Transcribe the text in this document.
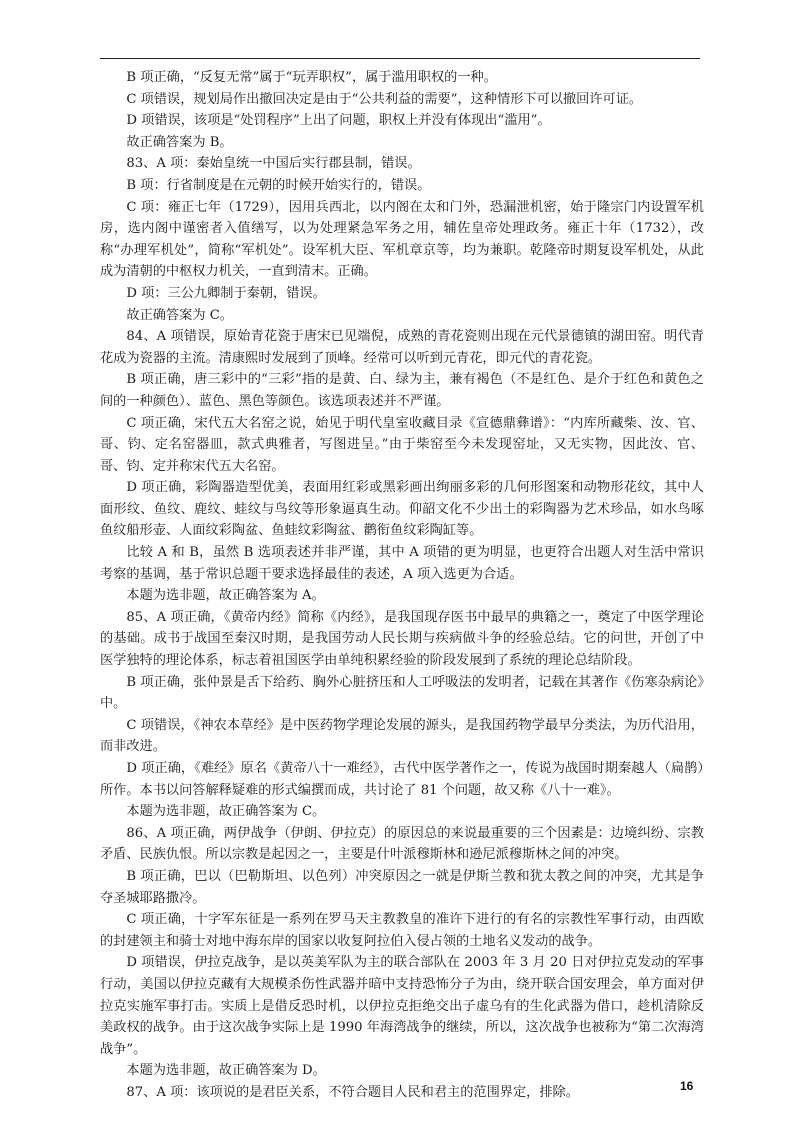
B 项正确，“反复无常”属于“玩弄职权”，属于滥用职权的一种。

C 项错误，规划局作出撤回决定是由于“公共利益的需要”，这种情形下可以撤回许可证。

D 项错误，该项是“处罚程序”上出了问题，职权上并没有体现出“滥用”。

故正确答案为 B。

83、A 项：秦始皇统一中国后实行郡县制，错误。

B 项：行省制度是在元朝的时候开始实行的，错误。

C 项：雍正七年（1729），因用兵西北，以内阁在太和门外，恐漏泄机密，始于隆宗门内设置军机房，选内阁中谨密者入值缮写，以为处理紧急军务之用，辅佐皇帝处理政务。雍正十年（1732），改称“办理军机处”，简称“军机处”。设军机大臣、军机章京等，均为兼职。乾隆帝时期复设军机处，从此成为清朝的中枢权力机关，一直到清末。正确。

D 项：三公九卿制于秦朝，错误。

故正确答案为 C。

84、A 项错误，原始青花瓷于唐宋已见端倪，成熟的青花瓷则出现在元代景德镇的湖田窑。明代青花成为瓷器的主流。清康熙时发展到了顶峰。经常可以听到元青花，即元代的青花瓷。

B 项正确，唐三彩中的“三彩”指的是黄、白、绿为主，兼有褐色（不是红色、是介于红色和黄色之间的一种颜色）、蓝色、黑色等颜色。该选项表述并不严谨。

C 项正确，宋代五大名窑之说，始见于明代皇室收藏目录《宣德鼎彝谱》：“内库所藏柴、汝、官、哥、钧、定名窑器皿，款式典雅者，写图进呈。”由于柴窑至今未发现窑址，又无实物，因此汝、官、哥、钧、定并称宋代五大名窑。

D 项正确，彩陶器造型优美，表面用红彩或黑彩画出绚丽多彩的几何形图案和动物形花纹，其中人面形纹、鱼纹、鹿纹、蛙纹与鸟纹等形象逼真生动。仰韶文化不少出土的彩陶器为艺术珍品，如水鸟啄鱼纹船形壶、人面纹彩陶盆、鱼蛙纹彩陶盆、鹳衔鱼纹彩陶缸等。

比较 A 和 B，虽然 B 选项表述并非严谨，其中 A 项错的更为明显，也更符合出题人对生活中常识考察的基调，基于常识总题干要求选择最佳的表述，A 项入选更为合适。

本题为选非题，故正确答案为 A。

85、A 项正确，《黄帝内经》简称《内经》，是我国现存医书中最早的典籍之一，奠定了中医学理论的基础。成书于战国至秦汉时期，是我国劳动人民长期与疾病做斗争的经验总结。它的问世，开创了中医学独特的理论体系，标志着祖国医学由单纯积累经验的阶段发展到了系统的理论总结阶段。

B 项正确，张仲景是舌下给药、胸外心脏挤压和人工呼吸法的发明者，记载在其著作《伤寒杂病论》中。

C 项错误，《神农本草经》是中医药物学理论发展的源头，是我国药物学最早分类法，为历代沿用，而非改进。

D 项正确，《难经》原名《黄帝八十一难经》，古代中医学著作之一，传说为战国时期秦越人（扁鹊）所作。本书以问答解释疑难的形式编撰而成，共讨论了 81 个问题，故又称《八十一难》。

本题为选非题，故正确答案为 C。

86、A 项正确，两伊战争（伊朗、伊拉克）的原因总的来说最重要的三个因素是：边境纠纷、宗教矛盾、民族仇恨。所以宗教是起因之一，主要是什叶派穆斯林和逊尼派穆斯林之间的冲突。

B 项正确，巴以（巴勒斯坦、以色列）冲突原因之一就是伊斯兰教和犹太教之间的冲突，尤其是争夺圣城耶路撒冷。

C 项正确，十字军东征是一系列在罗马天主教教皇的准许下进行的有名的宗教性军事行动，由西欧的封建领主和骑士对地中海东岸的国家以收复阿拉伯入侵占领的土地名义发动的战争。

D 项错误，伊拉克战争，是以英美军队为主的联合部队在 2003 年 3 月 20 日对伊拉克发动的军事行动，美国以伊拉克藏有大规模杀伤性武器并暗中支持恐怖分子为由，绕开联合国安理会，单方面对伊拉克实施军事打击。实质上是借反恐时机，以伊拉克拒绝交出子虚乌有的生化武器为借口，趁机清除反美政权的战争。由于这次战争实际上是 1990 年海湾战争的继续，所以，这次战争也被称为“第二次海湾战争”。

本题为选非题，故正确答案为 D。

87、A 项：该项说的是君臣关系，不符合题目人民和君主的范围界定，排除。	16
